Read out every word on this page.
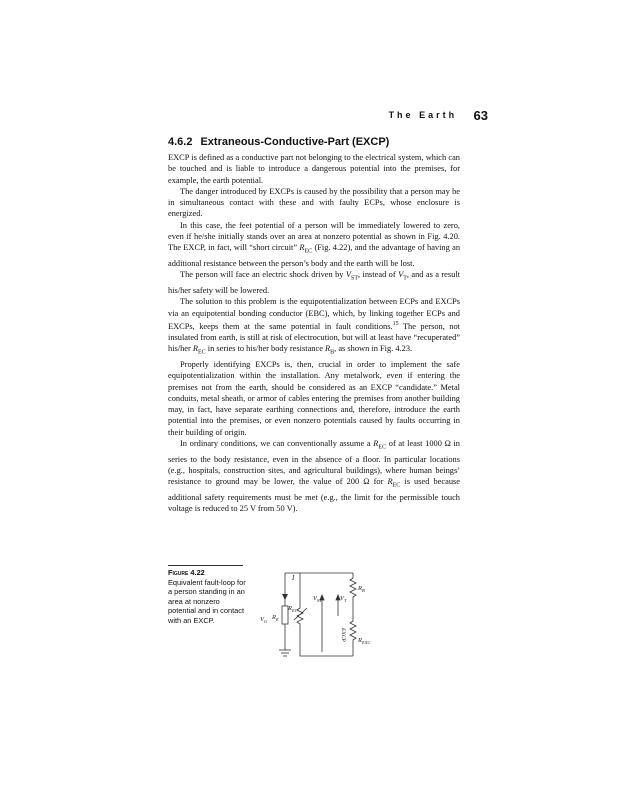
The Earth 63
4.6.2 Extraneous-Conductive-Part (EXCP)

EXCP is defined as a conductive part not belonging to the electrical system, which can be touched and is liable to introduce a dangerous potential into the premises, for example, the earth potential.

The danger introduced by EXCPs is caused by the possibility that a person may be in simultaneous contact with these and with faulty ECPs, whose enclosure is energized.

In this case, the feet potential of a person will be immediately lowered to zero, even if he/she initially stands over an area at nonzero potential as shown in Fig. 4.20. The EXCP, in fact, will “short circuit” $R_{EC}$ (Fig. 4.22), and the advantage of having an additional resistance between the person’s body and the earth will be lost.

The person will face an electric shock driven by $V_{ST}$, instead of $V_T$, and as a result his/her safety will be lowered.

The solution to this problem is the equipotentialization between ECPs and EXCPs via an equipotential bonding conductor (EBC), which, by linking together ECPs and EXCPs, keeps them at the same potential in fault conditions.$^{15}$ The person, not insulated from earth, is still at risk of electrocution, but will at least have “recuperated” his/her $R_{EC}$ in series to his/her body resistance $R_B$, as shown in Fig. 4.23.

Properly identifying EXCPs is, then, crucial in order to implement the safe equipotentialization within the installation. Any metalwork, even if entering the premises not from the earth, should be considered as an EXCP “candidate.” Metal conduits, metal sheath, or armor of cables entering the premises from another building may, in fact, have separate earthing connections and, therefore, introduce the earth potential into the premises, or even nonzero potentials caused by faults occurring in their building of origin.

In ordinary conditions, we can conventionally assume a $R_{EC}$ of at least 1000 Ω in series to the body resistance, even in the absence of a floor. In particular locations (e.g., hospitals, construction sites, and agricultural buildings), where human beings’ resistance to ground may be lower, the value of 200 Ω for $R_{EC}$ is used because additional safety requirements must be met (e.g., the limit for the permissible touch voltage is reduced to 25 V from 50 V).

Figure 4.22
Equivalent fault-loop for a person standing in an area at nonzero potential and in contact with an EXCP.
I
$R_{EC}$
$V_G$
$R_E$
$V_{ST}$	$V_T$
$R_B$
$R_{EXC}$
EXCP
